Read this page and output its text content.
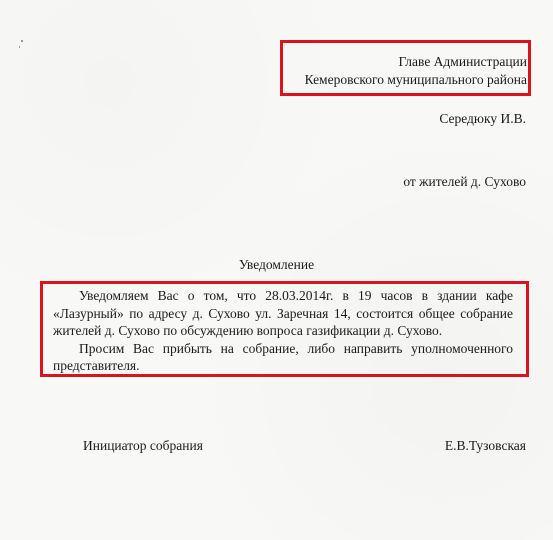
Главе Администрации
Кемеровского муниципального района
Середюку И.В.
от жителей д. Сухово
Уведомление

Уведомляем Вас о том, что 28.03.2014г. в 19 часов в здании кафе «Лазурный» по адресу д. Сухово ул. Заречная 14, состоится общее собрание жителей д. Сухово по обсуждению вопроса газификации д. Сухово.

Просим Вас прибыть на собрание, либо направить уполномоченного представителя.

Инициатор собрания	Е.В.Тузовская
